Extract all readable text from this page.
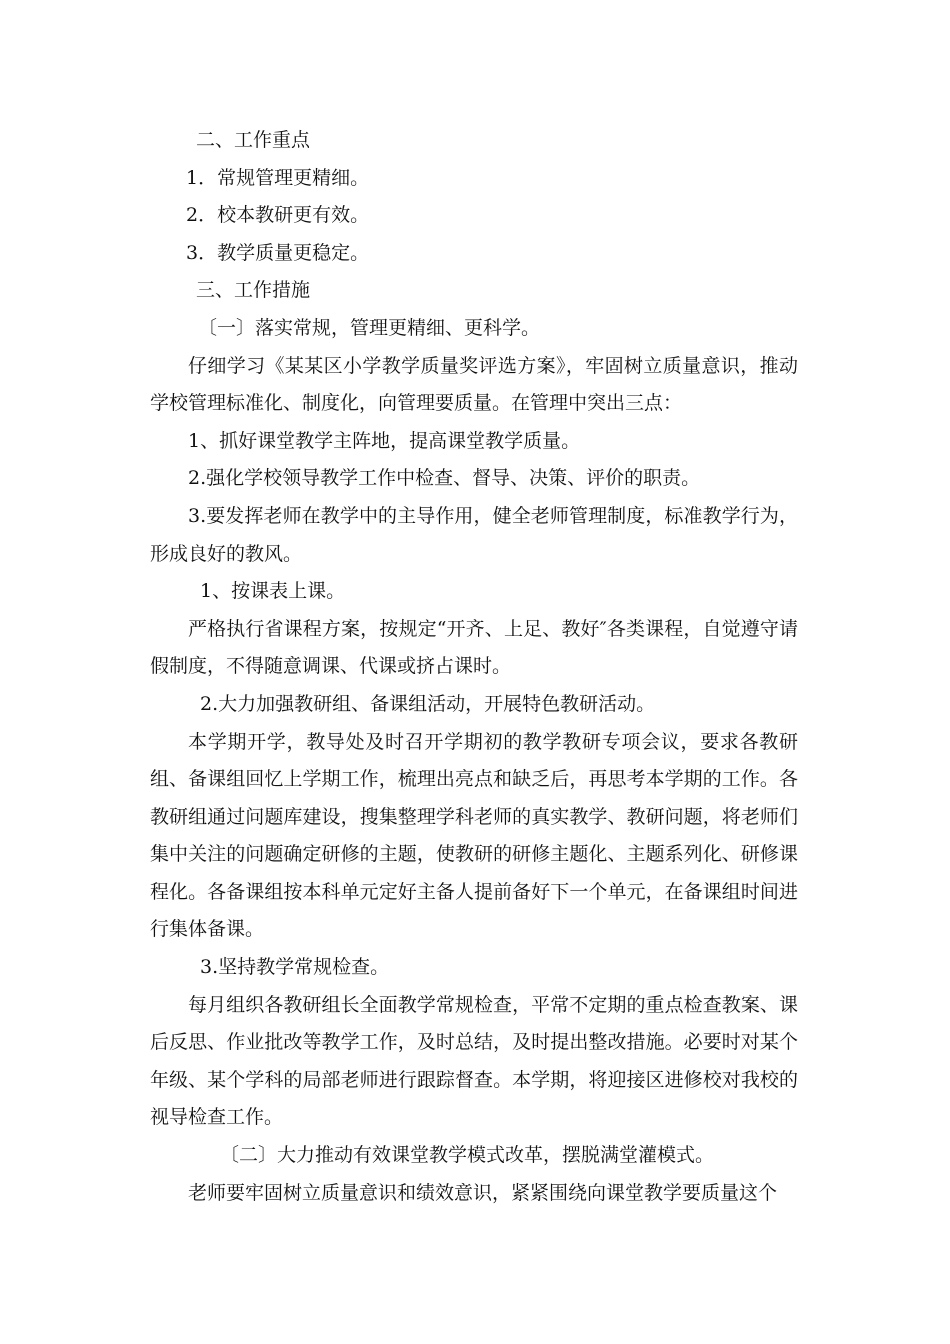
二、工作重点

1．常规管理更精细。

2．校本教研更有效。

3．教学质量更稳定。

三、工作措施

〔一〕落实常规，管理更精细、更科学。

仔细学习《某某区小学教学质量奖评选方案》，牢固树立质量意识，推动学校管理标准化、制度化，向管理要质量。在管理中突出三点：

1、抓好课堂教学主阵地，提高课堂教学质量。

2.强化学校领导教学工作中检查、督导、决策、评价的职责。

3.要发挥老师在教学中的主导作用，健全老师管理制度，标准教学行为，形成良好的教风。

1、按课表上课。

严格执行省课程方案，按规定“开齐、上足、教好″各类课程，自觉遵守请假制度，不得随意调课、代课或挤占课时。

2.大力加强教研组、备课组活动，开展特色教研活动。

本学期开学，教导处及时召开学期初的教学教研专项会议，要求各教研组、备课组回忆上学期工作，梳理出亮点和缺乏后，再思考本学期的工作。各教研组通过问题库建设，搜集整理学科老师的真实教学、教研问题，将老师们集中关注的问题确定研修的主题，使教研的研修主题化、主题系列化、研修课程化。各备课组按本科单元定好主备人提前备好下一个单元，在备课组时间进行集体备课。

3.坚持教学常规检查。

每月组织各教研组长全面教学常规检查，平常不定期的重点检查教案、课后反思、作业批改等教学工作，及时总结，及时提出整改措施。必要时对某个年级、某个学科的局部老师进行跟踪督查。本学期，将迎接区进修校对我校的视导检查工作。

〔二〕大力推动有效课堂教学模式改革，摆脱满堂灌模式。

老师要牢固树立质量意识和绩效意识，紧紧围绕向课堂教学要质量这个
